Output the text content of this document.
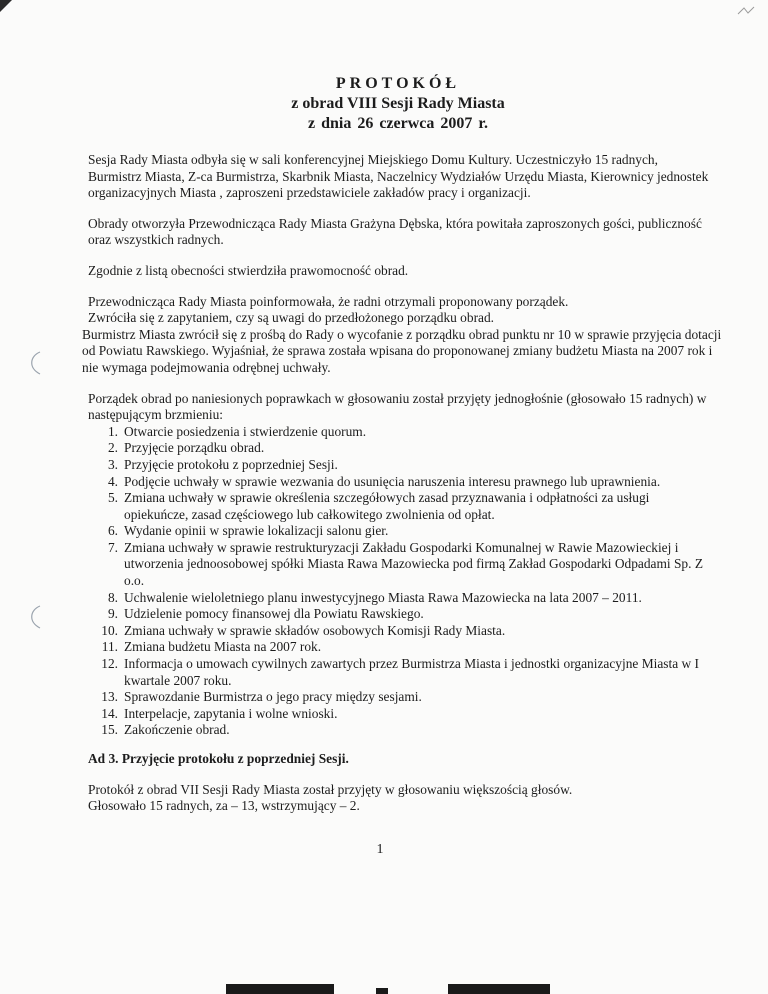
PROTOKÓŁ
z obrad VIII Sesji Rady Miasta
z dnia 26 czerwca 2007 r.

Sesja Rady Miasta odbyła się w sali konferencyjnej Miejskiego Domu Kultury. Uczestniczyło 15 radnych, Burmistrz Miasta, Z-ca Burmistrza, Skarbnik Miasta, Naczelnicy Wydziałów Urzędu Miasta, Kierownicy jednostek organizacyjnych Miasta , zaproszeni przedstawiciele zakładów pracy i organizacji.

Obrady otworzyła Przewodnicząca Rady Miasta Grażyna Dębska, która powitała zaproszonych gości, publiczność oraz wszystkich radnych.

Zgodnie z listą obecności stwierdziła prawomocność obrad.

Przewodnicząca Rady Miasta poinformowała, że radni otrzymali proponowany porządek.

Zwróciła się z zapytaniem, czy są uwagi do przedłożonego porządku obrad.

Burmistrz Miasta zwrócił się z prośbą do Rady o wycofanie z porządku obrad punktu nr 10 w sprawie przyjęcia dotacji od Powiatu Rawskiego. Wyjaśniał, że sprawa została wpisana do proponowanej zmiany budżetu Miasta na 2007 rok i nie wymaga podejmowania odrębnej uchwały.

Porządek obrad po naniesionych poprawkach w głosowaniu został przyjęty jednogłośnie (głosowało 15 radnych) w następującym brzmieniu:

1. Otwarcie posiedzenia i stwierdzenie quorum.
2. Przyjęcie porządku obrad.
3. Przyjęcie protokołu z poprzedniej Sesji.
4. Podjęcie uchwały w sprawie wezwania do usunięcia naruszenia interesu prawnego lub uprawnienia.
5. Zmiana uchwały w sprawie określenia szczegółowych zasad przyznawania i odpłatności za usługi opiekuńcze, zasad częściowego lub całkowitego zwolnienia od opłat.
6. Wydanie opinii w sprawie lokalizacji salonu gier.
7. Zmiana uchwały w sprawie restrukturyzacji Zakładu Gospodarki Komunalnej w Rawie Mazowieckiej i utworzenia jednoosobowej spółki Miasta Rawa Mazowiecka pod firmą Zakład Gospodarki Odpadami Sp. Z o.o.
8. Uchwalenie wieloletniego planu inwestycyjnego Miasta Rawa Mazowiecka na lata 2007 – 2011.
9. Udzielenie pomocy finansowej dla Powiatu Rawskiego.
10. Zmiana uchwały w sprawie składów osobowych Komisji Rady Miasta.
11. Zmiana budżetu Miasta na 2007 rok.
12. Informacja o umowach cywilnych zawartych przez Burmistrza Miasta i jednostki organizacyjne Miasta w I kwartale 2007 roku.
13. Sprawozdanie Burmistrza o jego pracy między sesjami.
14. Interpelacje, zapytania i wolne wnioski.
15. Zakończenie obrad.
Ad 3. Przyjęcie protokołu z poprzedniej Sesji.

Protokół z obrad VII Sesji Rady Miasta został przyjęty w głosowaniu większością głosów.

Głosowało 15 radnych, za – 13, wstrzymujący – 2.

1
